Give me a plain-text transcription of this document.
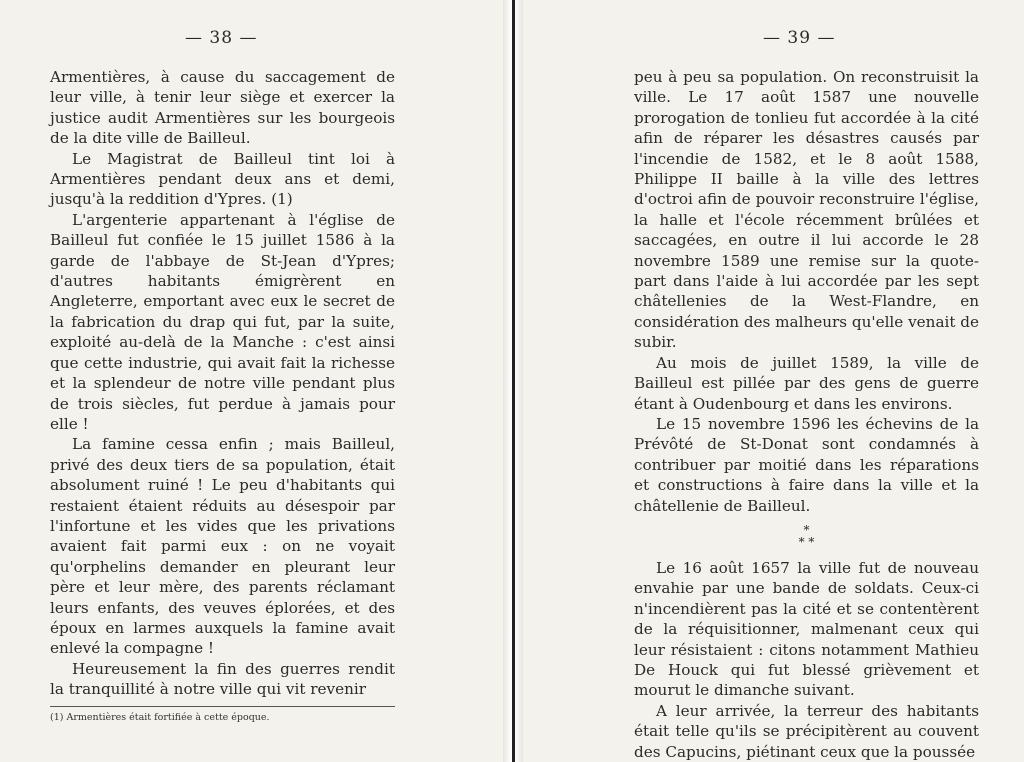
— 38 —

Armentières, à cause du saccagement de leur ville, à tenir leur siège et exercer la justice audit Armentières sur les bourgeois de la dite ville de Bailleul.

Le Magistrat de Bailleul tint loi à Armentières pendant deux ans et demi, jusqu'à la reddition d'Ypres. (1)

L'argenterie appartenant à l'église de Bailleul fut confiée le 15 juillet 1586 à la garde de l'abbaye de St-Jean d'Ypres; d'autres habitants émigrèrent en Angleterre, emportant avec eux le secret de la fabrication du drap qui fut, par la suite, exploité au-delà de la Manche : c'est ainsi que cette industrie, qui avait fait la richesse et la splendeur de notre ville pendant plus de trois siècles, fut perdue à jamais pour elle !

La famine cessa enfin ; mais Bailleul, privé des deux tiers de sa population, était absolument ruiné ! Le peu d'habitants qui restaient étaient réduits au désespoir par l'infortune et les vides que les privations avaient fait parmi eux : on ne voyait qu'orphelins demander en pleurant leur père et leur mère, des parents réclamant leurs enfants, des veuves éplorées, et des époux en larmes auxquels la famine avait enlevé la compagne !

Heureusement la fin des guerres rendit la tranquillité à notre ville qui vit revenir

(1) Armentières était fortifiée à cette époque.
— 39 —

peu à peu sa population. On reconstruisit la ville. Le 17 août 1587 une nouvelle prorogation de tonlieu fut accordée à la cité afin de réparer les désastres causés par l'incendie de 1582, et le 8 août 1588, Philippe II baille à la ville des lettres d'octroi afin de pouvoir reconstruire l'église, la halle et l'école récemment brûlées et saccagées, en outre il lui accorde le 28 novembre 1589 une remise sur la quote-part dans l'aide à lui accordée par les sept châtellenies de la West-Flandre, en considération des malheurs qu'elle venait de subir.

Au mois de juillet 1589, la ville de Bailleul est pillée par des gens de guerre étant à Oudenbourg et dans les environs.

Le 15 novembre 1596 les échevins de la Prévôté de St-Donat sont condamnés à contribuer par moitié dans les réparations et constructions à faire dans la ville et la châtellenie de Bailleul.

*
* *

Le 16 août 1657 la ville fut de nouveau envahie par une bande de soldats. Ceux-ci n'incendièrent pas la cité et se contentèrent de la réquisitionner, malmenant ceux qui leur résistaient : citons notamment Mathieu De Houck qui fut blessé grièvement et mourut le dimanche suivant.

A leur arrivée, la terreur des habitants était telle qu'ils se précipitèrent au couvent des Capucins, piétinant ceux que la poussée
